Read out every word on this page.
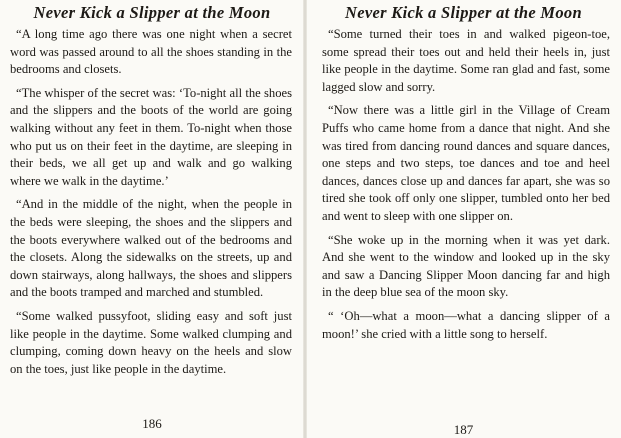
Never Kick a Slipper at the Moon

“A long time ago there was one night when a secret word was passed around to all the shoes standing in the bedrooms and closets.

“The whisper of the secret was: ‘To-night all the shoes and the slippers and the boots of the world are going walking without any feet in them. To-night when those who put us on their feet in the daytime, are sleeping in their beds, we all get up and walk and go walking where we walk in the daytime.’

“And in the middle of the night, when the people in the beds were sleeping, the shoes and the slippers and the boots everywhere walked out of the bedrooms and the closets. Along the sidewalks on the streets, up and down stairways, along hallways, the shoes and slippers and the boots tramped and marched and stumbled.

“Some walked pussyfoot, sliding easy and soft just like people in the daytime. Some walked clumping and clumping, coming down heavy on the heels and slow on the toes, just like people in the daytime.

186
Never Kick a Slipper at the Moon

“Some turned their toes in and walked pigeon-toe, some spread their toes out and held their heels in, just like people in the daytime. Some ran glad and fast, some lagged slow and sorry.

“Now there was a little girl in the Village of Cream Puffs who came home from a dance that night. And she was tired from dancing round dances and square dances, one steps and two steps, toe dances and toe and heel dances, dances close up and dances far apart, she was so tired she took off only one slipper, tumbled onto her bed and went to sleep with one slipper on.

“She woke up in the morning when it was yet dark. And she went to the window and looked up in the sky and saw a Dancing Slipper Moon dancing far and high in the deep blue sea of the moon sky.

“ ‘Oh—what a moon—what a dancing slipper of a moon!’ she cried with a little song to herself.

187
